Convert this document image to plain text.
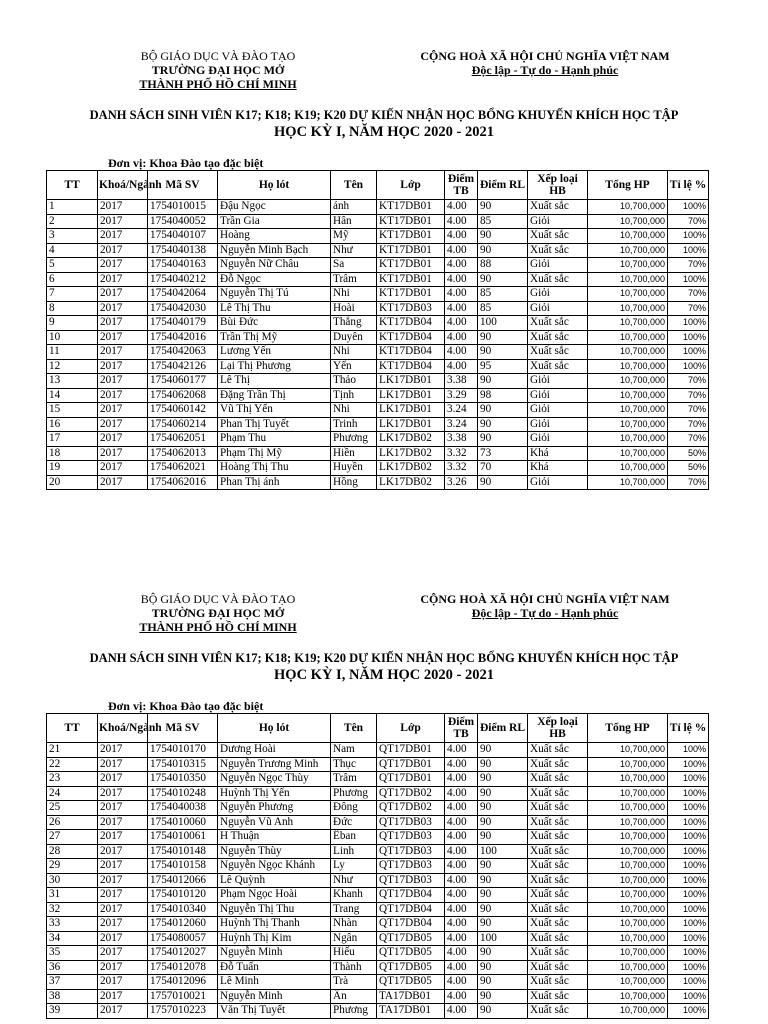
BỘ GIÁO DỤC VÀ ĐÀO TẠO
TRƯỜNG ĐẠI HỌC MỞ
THÀNH PHỐ HỒ CHÍ MINH
CỘNG HOÀ XÃ HỘI CHỦ NGHĨA VIỆT NAM
Độc lập - Tự do - Hạnh phúc
DANH SÁCH SINH VIÊN K17; K18; K19; K20 DỰ KIẾN NHẬN HỌC BỔNG KHUYẾN KHÍCH HỌC TẬP
HỌC KỲ I, NĂM HỌC 2020 - 2021
Đơn vị: Khoa Đào tạo đặc biệt
TT	Khoá/Ngành	Mã SV	Họ lót	Tên	Lớp	Điểm TB	Điểm RL	Xếp loại HB	Tổng HP	Tỉ lệ %
1	2017	1754010015	Đậu Ngọc	ánh	KT17DB01	4.00	90	Xuất sắc	10,700,000	100%
2	2017	1754040052	Trần Gia	Hân	KT17DB01	4.00	85	Giỏi	10,700,000	70%
3	2017	1754040107	Hoàng	Mỹ	KT17DB01	4.00	90	Xuất sắc	10,700,000	100%
4	2017	1754040138	Nguyễn Minh Bạch	Như	KT17DB01	4.00	90	Xuất sắc	10,700,000	100%
5	2017	1754040163	Nguyễn Nữ Châu	Sa	KT17DB01	4.00	88	Giỏi	10,700,000	70%
6	2017	1754040212	Đỗ Ngọc	Trâm	KT17DB01	4.00	90	Xuất sắc	10,700,000	100%
7	2017	1754042064	Nguyễn Thị Tú	Nhi	KT17DB01	4.00	85	Giỏi	10,700,000	70%
8	2017	1754042030	Lê Thị Thu	Hoài	KT17DB03	4.00	85	Giỏi	10,700,000	70%
9	2017	1754040179	Bùi Đức	Thắng	KT17DB04	4.00	100	Xuất sắc	10,700,000	100%
10	2017	1754042016	Trần Thị Mỹ	Duyên	KT17DB04	4.00	90	Xuất sắc	10,700,000	100%
11	2017	1754042063	Lương Yến	Nhi	KT17DB04	4.00	90	Xuất sắc	10,700,000	100%
12	2017	1754042126	Lại Thị Phương	Yến	KT17DB04	4.00	95	Xuất sắc	10,700,000	100%
13	2017	1754060177	Lê Thị	Thảo	LK17DB01	3.38	90	Giỏi	10,700,000	70%
14	2017	1754062068	Đặng Trần Thị	Tịnh	LK17DB01	3.29	98	Giỏi	10,700,000	70%
15	2017	1754060142	Vũ Thị Yến	Nhi	LK17DB01	3.24	90	Giỏi	10,700,000	70%
16	2017	1754060214	Phan Thị Tuyết	Trinh	LK17DB01	3.24	90	Giỏi	10,700,000	70%
17	2017	1754062051	Phạm Thu	Phương	LK17DB02	3.38	90	Giỏi	10,700,000	70%
18	2017	1754062013	Phạm Thị Mỹ	Hiền	LK17DB02	3.32	73	Khá	10,700,000	50%
19	2017	1754062021	Hoàng Thị Thu	Huyền	LK17DB02	3.32	70	Khá	10,700,000	50%
20	2017	1754062016	Phan Thị ánh	Hồng	LK17DB02	3.26	90	Giỏi	10,700,000	70%
BỘ GIÁO DỤC VÀ ĐÀO TẠO
TRƯỜNG ĐẠI HỌC MỞ
THÀNH PHỐ HỒ CHÍ MINH
CỘNG HOÀ XÃ HỘI CHỦ NGHĨA VIỆT NAM
Độc lập - Tự do - Hạnh phúc
DANH SÁCH SINH VIÊN K17; K18; K19; K20 DỰ KIẾN NHẬN HỌC BỔNG KHUYẾN KHÍCH HỌC TẬP
HỌC KỲ I, NĂM HỌC 2020 - 2021
Đơn vị: Khoa Đào tạo đặc biệt
TT	Khoá/Ngành	Mã SV	Họ lót	Tên	Lớp	Điểm TB	Điểm RL	Xếp loại HB	Tổng HP	Tỉ lệ %
21	2017	1754010170	Dương Hoài	Nam	QT17DB01	4.00	90	Xuất sắc	10,700,000	100%
22	2017	1754010315	Nguyễn Trương Minh	Thục	QT17DB01	4.00	90	Xuất sắc	10,700,000	100%
23	2017	1754010350	Nguyễn Ngọc Thùy	Trâm	QT17DB01	4.00	90	Xuất sắc	10,700,000	100%
24	2017	1754010248	Huỳnh Thị Yến	Phương	QT17DB02	4.00	90	Xuất sắc	10,700,000	100%
25	2017	1754040038	Nguyễn Phương	Đông	QT17DB02	4.00	90	Xuất sắc	10,700,000	100%
26	2017	1754010060	Nguyễn Vũ Anh	Đức	QT17DB03	4.00	90	Xuất sắc	10,700,000	100%
27	2017	1754010061	H Thuận	Êban	QT17DB03	4.00	90	Xuất sắc	10,700,000	100%
28	2017	1754010148	Nguyễn Thùy	Linh	QT17DB03	4.00	100	Xuất sắc	10,700,000	100%
29	2017	1754010158	Nguyễn Ngọc Khánh	Ly	QT17DB03	4.00	90	Xuất sắc	10,700,000	100%
30	2017	1754012066	Lê Quỳnh	Như	QT17DB03	4.00	90	Xuất sắc	10,700,000	100%
31	2017	1754010120	Phạm Ngọc Hoài	Khanh	QT17DB04	4.00	90	Xuất sắc	10,700,000	100%
32	2017	1754010340	Nguyễn Thị Thu	Trang	QT17DB04	4.00	90	Xuất sắc	10,700,000	100%
33	2017	1754012060	Huỳnh Thị Thanh	Nhàn	QT17DB04	4.00	90	Xuất sắc	10,700,000	100%
34	2017	1754080057	Huỳnh Thị Kim	Ngân	QT17DB05	4.00	100	Xuất sắc	10,700,000	100%
35	2017	1754012027	Nguyễn Minh	Hiếu	QT17DB05	4.00	90	Xuất sắc	10,700,000	100%
36	2017	1754012078	Đỗ Tuấn	Thành	QT17DB05	4.00	90	Xuất sắc	10,700,000	100%
37	2017	1754012096	Lê Minh	Trà	QT17DB05	4.00	90	Xuất sắc	10,700,000	100%
38	2017	1757010021	Nguyễn Minh	Ân	TA17DB01	4.00	90	Xuất sắc	10,700,000	100%
39	2017	1757010223	Văn Thị Tuyết	Phương	TA17DB01	4.00	90	Xuất sắc	10,700,000	100%
